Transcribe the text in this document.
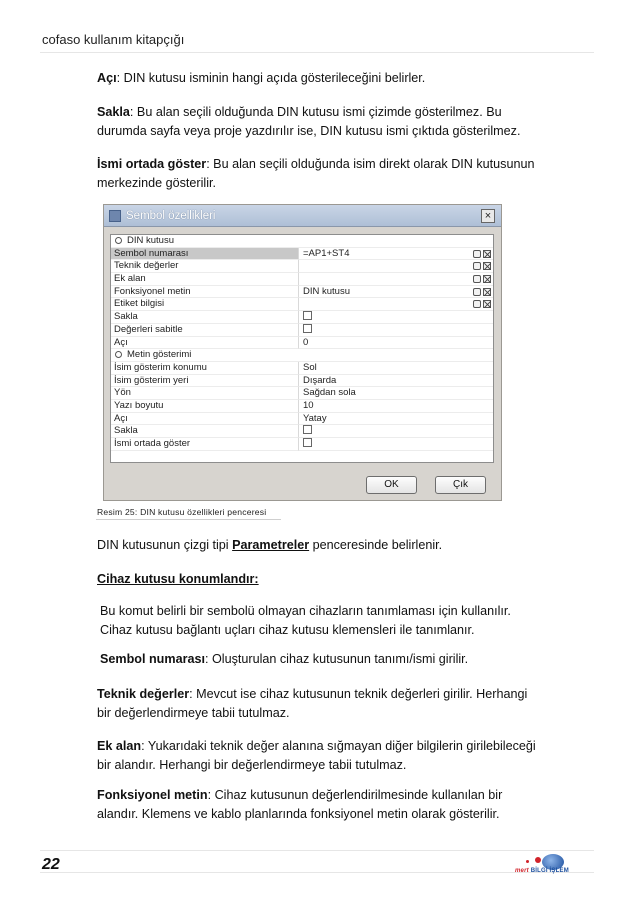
cofaso kullanım kitapçığı
Açı: DIN kutusu isminin hangi açıda gösterileceğini belirler.
Sakla: Bu alan seçili olduğunda DIN kutusu ismi çizimde gösterilmez. Bu
durumda sayfa veya proje yazdırılır ise, DIN kutusu ismi çıktıda gösterilmez.
İsmi ortada göster: Bu alan seçili olduğunda isim direkt olarak DIN kutusunun
merkezinde gösterilir.
Sembol özellikleri	×
DIN kutusu
Sembol numarası	=AP1+ST4
Teknik değerler
Ek alan
Fonksiyonel metin	DIN kutusu
Etiket bilgisi
Sakla
Değerleri sabitle
Açı	0
Metin gösterimi
İsim gösterim konumu	Sol
İsim gösterim yeri	Dışarda
Yön	Sağdan sola
Yazı boyutu	10
Açı	Yatay
Sakla
İsmi ortada göster
OK	Çık
Resim 25: DIN kutusu özellikleri penceresi
DIN kutusunun çizgi tipi Parametreler penceresinde belirlenir.
Cihaz kutusu konumlandır:
Bu komut belirli bir sembolü olmayan cihazların tanımlaması için kullanılır.
Cihaz kutusu bağlantı uçları cihaz kutusu klemensleri ile tanımlanır.
Sembol numarası: Oluşturulan cihaz kutusunun tanımı/ismi girilir.
Teknik değerler: Mevcut ise cihaz kutusunun teknik değerleri girilir. Herhangi
bir değerlendirmeye tabii tutulmaz.
Ek alan: Yukarıdaki teknik değer alanına sığmayan diğer bilgilerin girilebileceği
bir alandır. Herhangi bir değerlendirmeye tabii tutulmaz.
Fonksiyonel metin: Cihaz kutusunun değerlendirilmesinde kullanılan bir
alandır. Klemens ve kablo planlarında fonksiyonel metin olarak gösterilir.
22	mert BİLGİ İŞLEM
